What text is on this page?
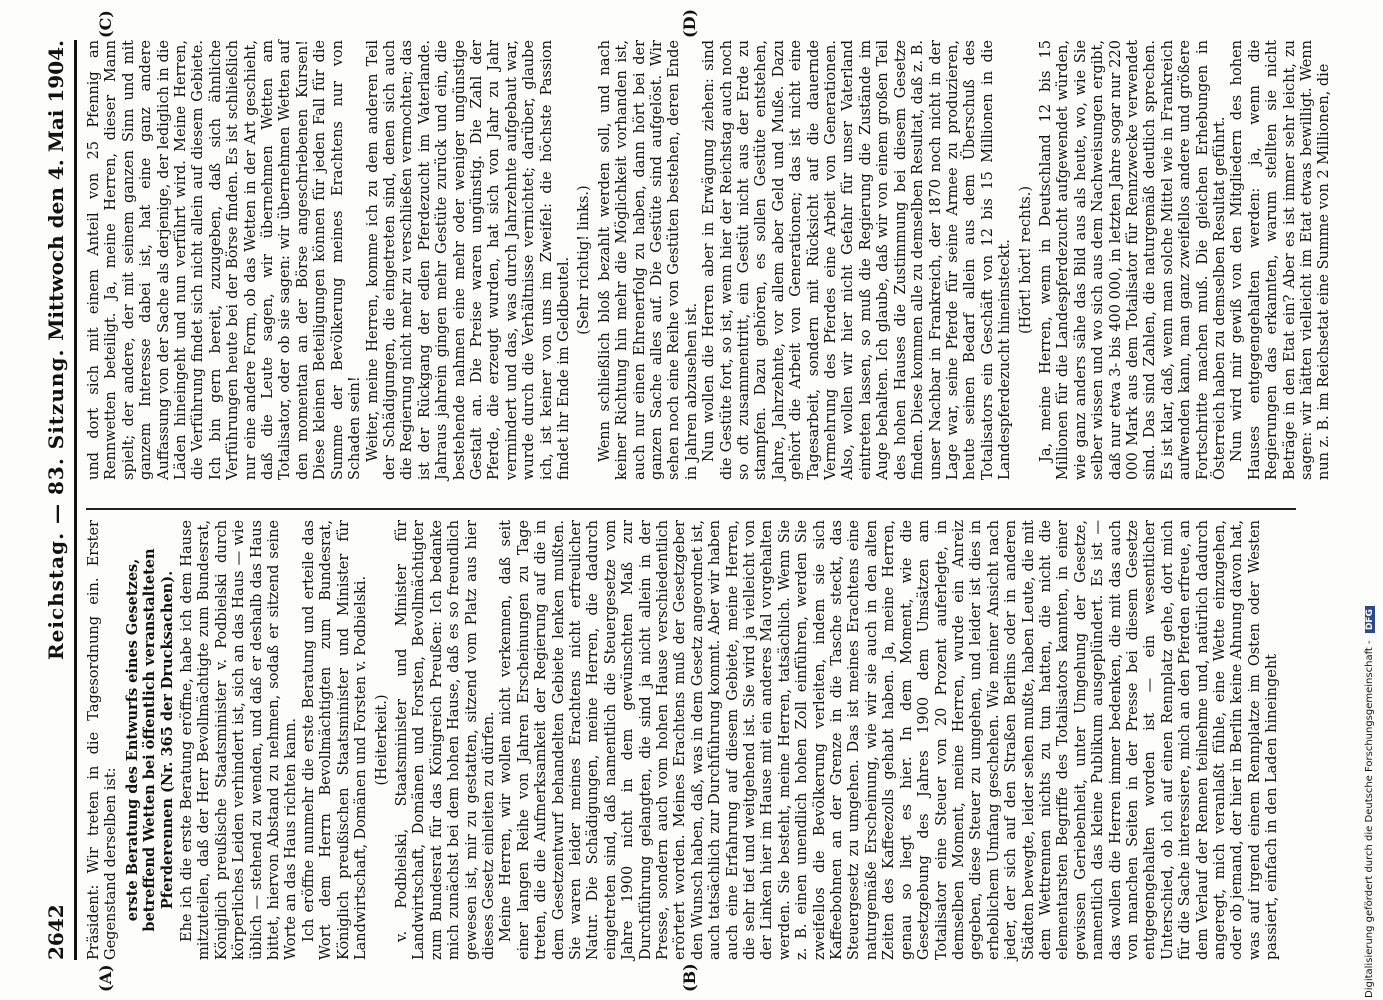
2642
Reichstag. — 83. Sitzung.
Mittwoch den 4. Mai 1904.
(A)	(B)
(C)	(D)

Präsident: Wir treten in die Tagesordnung ein. Erster Gegenstand derselben ist: erste Beratung des Entwurfs eines Gesetzes, betreffend Wetten bei öffentlich veranstalteten Pferderennen (Nr. 365 der Drucksachen). Ehe ich die erste Beratung eröffne, habe ich dem Hause mitzuteilen, daß der Herr Bevollmächtigte zum Bundesrat, Königlich preußische Staatsminister v. Podbielski durch körperliches Leiden verhindert ist, sich an das Haus — wie üblich — stehend zu wenden, und daß er deshalb das Haus bittet, hiervon Abstand zu nehmen, sodaß er sitzend seine Worte an das Haus richten kann. Ich eröffne nunmehr die erste Beratung und erteile das Wort dem Herrn Bevollmächtigten zum Bundesrat, Königlich preußischen Staatsminister und Minister für Landwirtschaft, Domänen und Forsten v. Podbielski. (Heiterkeit.) v. Podbielski, Staatsminister und Minister für Landwirtschaft, Domänen und Forsten, Bevollmächtigter zum Bundesrat für das Königreich Preußen: Ich bedanke mich zunächst bei dem hohen Hause, daß es so freundlich gewesen ist, mir zu gestatten, sitzend vom Platz aus hier dieses Gesetz einleiten zu dürfen. Meine Herren, wir wollen nicht verkennen, daß seit einer langen Reihe von Jahren Erscheinungen zu Tage treten, die die Aufmerksamkeit der Regierung auf die in dem Gesetzentwurf behandelten Gebiete lenken mußten. Sie waren leider meines Erachtens nicht erfreulicher Natur. Die Schädigungen, meine Herren, die dadurch eingetreten sind, daß namentlich die Steuergesetze vom Jahre 1900 nicht in dem gewünschten Maß zur Durchführung gelangten, die sind ja nicht allein in der Presse, sondern auch vom hohen Hause verschiedentlich erörtert worden. Meines Erachtens muß der Gesetzgeber den Wunsch haben, daß, was in dem Gesetz angeordnet ist, auch tatsächlich zur Durchführung kommt. Aber wir haben auch eine Erfahrung auf diesem Gebiete, meine Herren, die sehr tief und weitgehend ist. Sie wird ja vielleicht von der Linken hier im Hause mit ein anderes Mal vorgehalten werden. Sie besteht, meine Herren, tatsächlich. Wenn Sie z. B. einen unendlich hohen Zoll einführen, werden Sie zweifellos die Bevölkerung verleiten, indem sie sich Kaffeebohnen an der Grenze in die Tasche steckt, das Steuergesetz zu umgehen. Das ist meines Erachtens eine naturgemäße Erscheinung, wie wir sie auch in den alten Zeiten des Kaffeezolls gehabt haben. Ja, meine Herren, genau so liegt es hier. In dem Moment, wie die Gesetzgebung des Jahres 1900 dem Umsätzen am Totalisator eine Steuer von 20 Prozent auferlegte, in demselben Moment, meine Herren, wurde ein Anreiz gegeben, diese Steuer zu umgehen, und leider ist dies in erheblichem Umfang geschehen. Wie meiner Ansicht nach jeder, der sich auf den Straßen Berlins oder in anderen Städten bewegte, leider sehen mußte, haben Leute, die mit dem Wettrennen nichts zu tun hatten, die nicht die elementarsten Begriffe des Totalisators kannten, in einer gewissen Geriebenheit, unter Umgehung der Gesetze, namentlich das kleine Publikum ausgeplündert. Es ist — das wollen die Herren immer bedenken, die mit das auch von manchen Seiten in der Presse bei diesem Gesetze entgegengehalten worden ist — ein wesentlicher Unterschied, ob ich auf einen Rennplatz gehe, dort mich für die Sache interessiere, mich an den Pferden erfreue, an dem Verlauf der Rennen teilnehme und, natürlich dadurch angeregt, mich veranlaßt fühle, eine Wette einzugehen, oder ob jemand, der hier in Berlin keine Ahnung davon hat, was auf irgend einem Rennplatze im Osten oder Westen passiert, einfach in den Laden hineingeht

und dort sich mit einem Anteil von 25 Pfennig an Rennwetten beteiligt. Ja, meine Herren, dieser Mann spielt; der andere, der mit seinem ganzen Sinn und mit ganzem Interesse dabei ist, hat eine ganz andere Auffassung von der Sache als derjenige, der lediglich in die Läden hineingeht und nun verführt wird. Meine Herren, die Verführung findet sich nicht allein auf diesem Gebiete. Ich bin gern bereit, zuzugeben, daß sich ähnliche Verführungen heute bei der Börse finden. Es ist schließlich nur eine andere Form, ob das Wetten in der Art geschieht, daß die Leute sagen, wir übernehmen Wetten am Totalisator, oder ob sie sagen: wir übernehmen Wetten auf den momentan an der Börse angeschriebenen Kursen! Diese kleinen Beteiligungen können für jeden Fall für die Summe der Bevölkerung meines Erachtens nur von Schaden sein! Weiter, meine Herren, komme ich zu dem anderen Teil der Schädigungen, die eingetreten sind, denen sich auch die Regierung nicht mehr zu verschließen vermochten; das ist der Rückgang der edlen Pferdezucht im Vaterlande. Jahraus jahrein gingen mehr Gestüte zurück und ein, die bestehende nahmen eine mehr oder weniger ungünstige Gestalt an. Die Preise waren ungünstig. Die Zahl der Pferde, die erzeugt wurden, hat sich von Jahr zu Jahr vermindert und das, was durch Jahrzehnte aufgebaut war, wurde durch die Verhältnisse vernichtet; darüber, glaube ich, ist keiner von uns im Zweifel: die höchste Passion findet ihr Ende im Geldbeutel. (Sehr richtig! links.) Wenn schließlich bloß bezahlt werden soll, und nach keiner Richtung hin mehr die Möglichkeit vorhanden ist, auch nur einen Ehrenerfolg zu haben, dann hört bei der ganzen Sache alles auf. Die Gestüte sind aufgelöst. Wir sehen noch eine Reihe von Gestüten bestehen, deren Ende in Jahren abzusehen ist. Nun wollen die Herren aber in Erwägung ziehen: sind die Gestüte fort, so ist, wenn hier der Reichstag auch noch so oft zusammentritt, ein Gestüt nicht aus der Erde zu stampfen. Dazu gehören, es sollen Gestüte entstehen, Jahre, Jahrzehnte, vor allem aber Geld und Muße. Dazu gehört die Arbeit von Generationen; das ist nicht eine Tagesarbeit, sondern mit Rücksicht auf die dauernde Vermehrung des Pferdes eine Arbeit von Generationen. Also, wollen wir hier nicht Gefahr für unser Vaterland eintreten lassen, so muß die Regierung die Zustände im Auge behalten. Ich glaube, daß wir von einem großen Teil des hohen Hauses die Zustimmung bei diesem Gesetze finden. Diese kommen alle zu demselben Resultat, daß z. B. unser Nachbar in Frankreich, der 1870 noch nicht in der Lage war, seine Pferde für seine Armee zu produzieren, heute seinen Bedarf allein aus dem Überschuß des Totalisators ein Geschäft von 12 bis 15 Millionen in die Landespferdezucht hineinsteckt. (Hört! hört! rechts.) Ja, meine Herren, wenn in Deutschland 12 bis 15 Millionen für die Landespferdezucht aufgewendet würden, wie ganz anders sähe das Bild aus als heute, wo, wie Sie selber wissen und wo sich aus dem Nachweisungen ergibt, daß nur etwa 3- bis 400 000, in letzten Jahre sogar nur 220 000 Mark aus dem Totalisator für Rennzwecke verwendet sind. Das sind Zahlen, die naturgemäß deutlich sprechen. Es ist klar, daß, wenn man solche Mittel wie in Frankreich aufwenden kann, man ganz zweifellos andere und größere Fortschritte machen muß. Die gleichen Erhebungen in Österreich haben zu demselben Resultat geführt. Nun wird mir gewiß von den Mitgliedern des hohen Hauses entgegengehalten werden: ja, wenn die Regierungen das erkannten, warum stellten sie nicht Beträge in den Etat ein? Aber es ist immer sehr leicht, zu sagen: wir hätten vielleicht im Etat etwas bewilligt. Wenn nun z. B. im Reichsetat eine Summe von 2 Millionen, die

Digitalisierung gefördert durch die Deutsche Forschungsgemeinschaft - DFG
